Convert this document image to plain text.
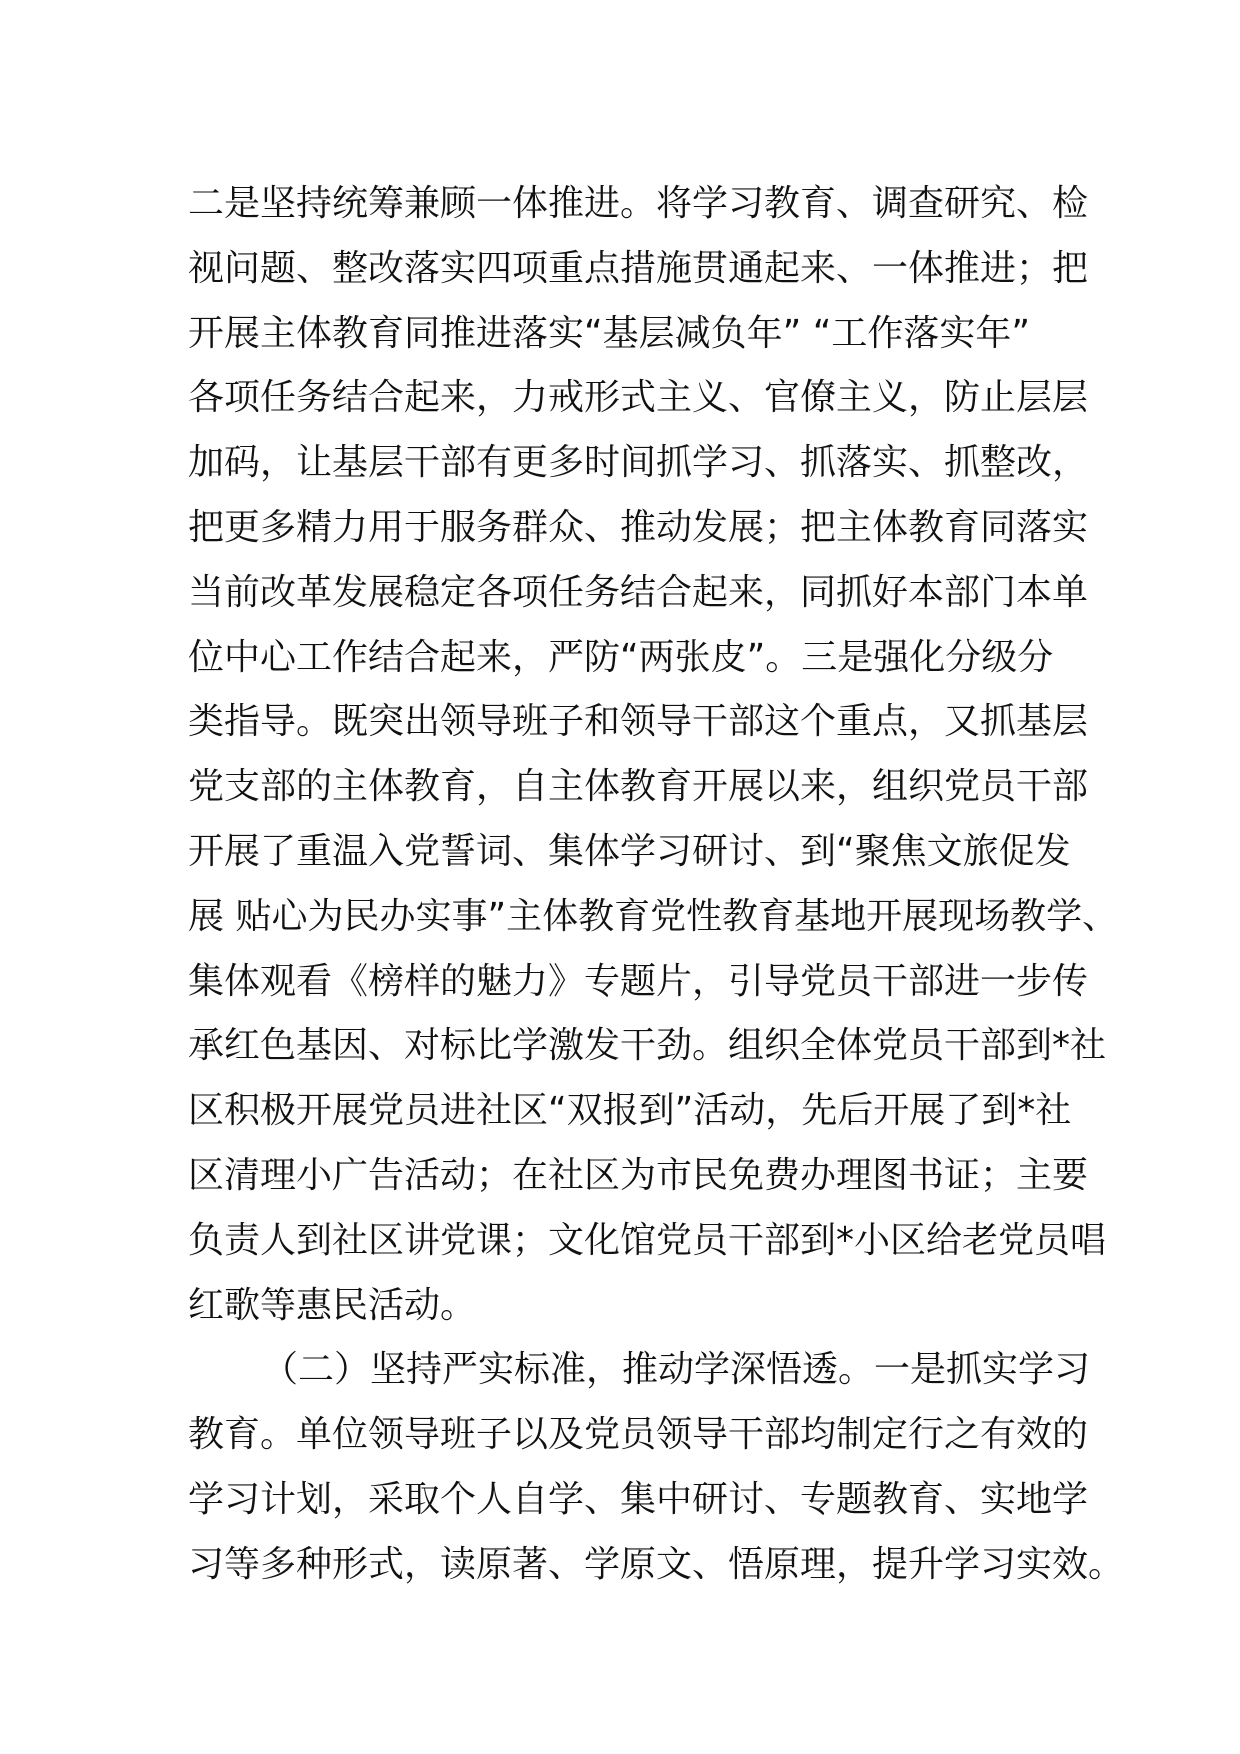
二是坚持统筹兼顾一体推进。将学习教育、调查研究、检
视问题、整改落实四项重点措施贯通起来、一体推进；把
开展主体教育同推进落实“基层减负年” “工作落实年”
各项任务结合起来，力戒形式主义、官僚主义，防止层层
加码，让基层干部有更多时间抓学习、抓落实、抓整改，
把更多精力用于服务群众、推动发展；把主体教育同落实
当前改革发展稳定各项任务结合起来，同抓好本部门本单
位中心工作结合起来，严防“两张皮”。三是强化分级分
类指导。既突出领导班子和领导干部这个重点，又抓基层
党支部的主体教育，自主体教育开展以来，组织党员干部
开展了重温入党誓词、集体学习研讨、到“聚焦文旅促发
展 贴心为民办实事”主体教育党性教育基地开展现场教学、
集体观看《榜样的魅力》专题片，引导党员干部进一步传
承红色基因、对标比学激发干劲。组织全体党员干部到*社
区积极开展党员进社区“双报到”活动，先后开展了到*社
区清理小广告活动；在社区为市民免费办理图书证；主要
负责人到社区讲党课；文化馆党员干部到*小区给老党员唱
红歌等惠民活动。
（二）坚持严实标准，推动学深悟透。一是抓实学习
教育。单位领导班子以及党员领导干部均制定行之有效的
学习计划，采取个人自学、集中研讨、专题教育、实地学
习等多种形式，读原著、学原文、悟原理，提升学习实效。
